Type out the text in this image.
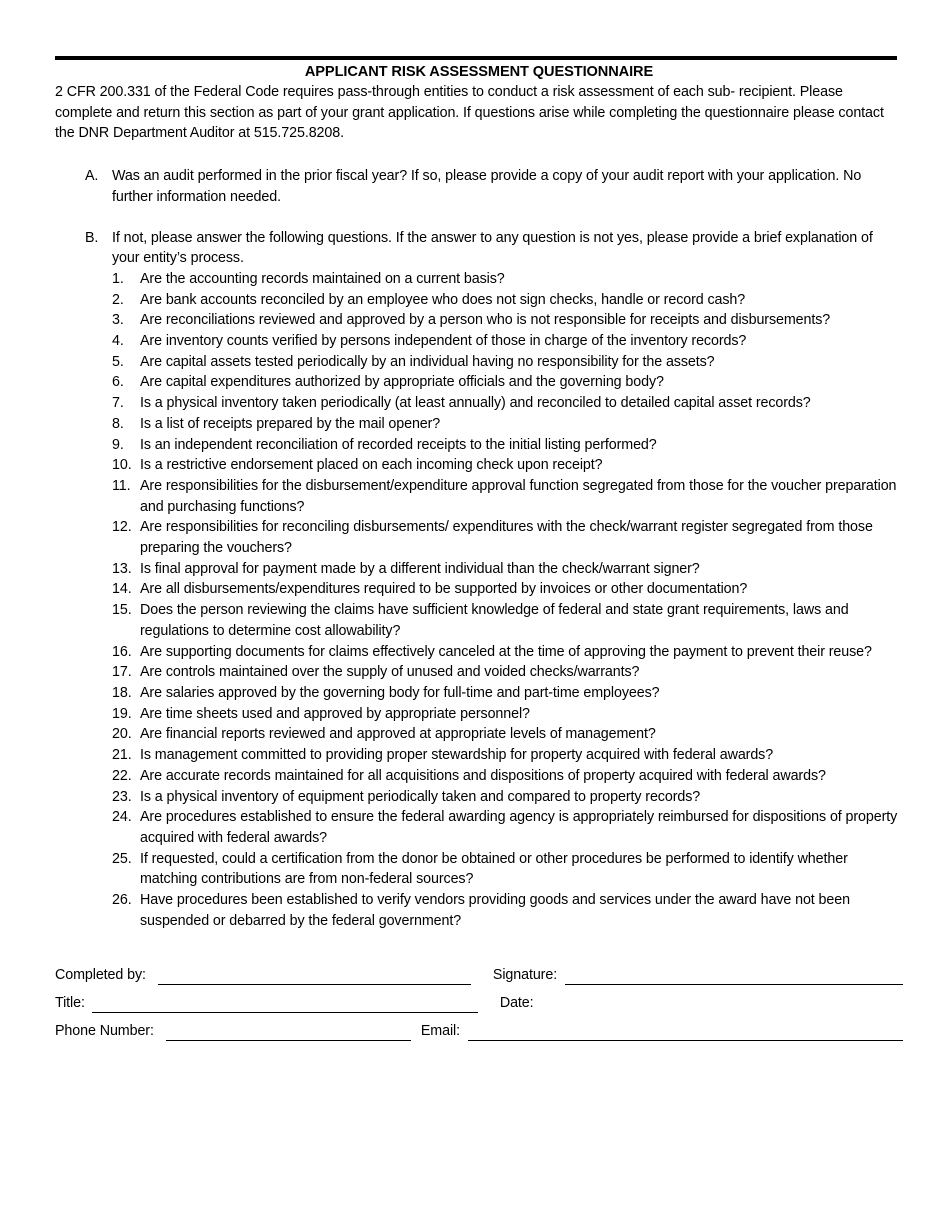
APPLICANT RISK ASSESSMENT QUESTIONNAIRE

2 CFR 200.331 of the Federal Code requires pass-through entities to conduct a risk assessment of each sub- recipient. Please complete and return this section as part of your grant application. If questions arise while completing the questionnaire please contact the DNR Department Auditor at 515.725.8208.

A. Was an audit performed in the prior fiscal year? If so, please provide a copy of your audit report with your application. No further information needed.
B. If not, please answer the following questions. If the answer to any question is not yes, please provide a brief explanation of your entity’s process.
1.	Are the accounting records maintained on a current basis?
2.	Are bank accounts reconciled by an employee who does not sign checks, handle or record cash?
3.	Are reconciliations reviewed and approved by a person who is not responsible for receipts and disbursements?
4.	Are inventory counts verified by persons independent of those in charge of the inventory records?
5.	Are capital assets tested periodically by an individual having no responsibility for the assets?
6.	Are capital expenditures authorized by appropriate officials and the governing body?
7.	Is a physical inventory taken periodically (at least annually) and reconciled to detailed capital asset records?
8.	Is a list of receipts prepared by the mail opener?
9.	Is an independent reconciliation of recorded receipts to the initial listing performed?
10. Is a restrictive endorsement placed on each incoming check upon receipt?
11. Are responsibilities for the disbursement/expenditure approval function segregated from those for the voucher preparation and purchasing functions?
12. Are responsibilities for reconciling disbursements/ expenditures with the check/warrant register segregated from those preparing the vouchers?
13. Is final approval for payment made by a different individual than the check/warrant signer?
14. Are all disbursements/expenditures required to be supported by invoices or other documentation?
15. Does the person reviewing the claims have sufficient knowledge of federal and state grant requirements, laws and regulations to determine cost allowability?
16. Are supporting documents for claims effectively canceled at the time of approving the payment to prevent their reuse?
17. Are controls maintained over the supply of unused and voided checks/warrants?
18. Are salaries approved by the governing body for full-time and part-time employees?
19. Are time sheets used and approved by appropriate personnel?
20. Are financial reports reviewed and approved at appropriate levels of management?
21. Is management committed to providing proper stewardship for property acquired with federal awards?
22. Are accurate records maintained for all acquisitions and dispositions of property acquired with federal awards?
23. Is a physical inventory of equipment periodically taken and compared to property records?
24. Are procedures established to ensure the federal awarding agency is appropriately reimbursed for dispositions of property acquired with federal awards?
25. If requested, could a certification from the donor be obtained or other procedures be performed to identify whether matching contributions are from non-federal sources?
26. Have procedures been established to verify vendors providing goods and services under the award have not been suspended or debarred by the federal government?
Completed by:	Signature:
Title:	Date:
Phone Number:	Email:
